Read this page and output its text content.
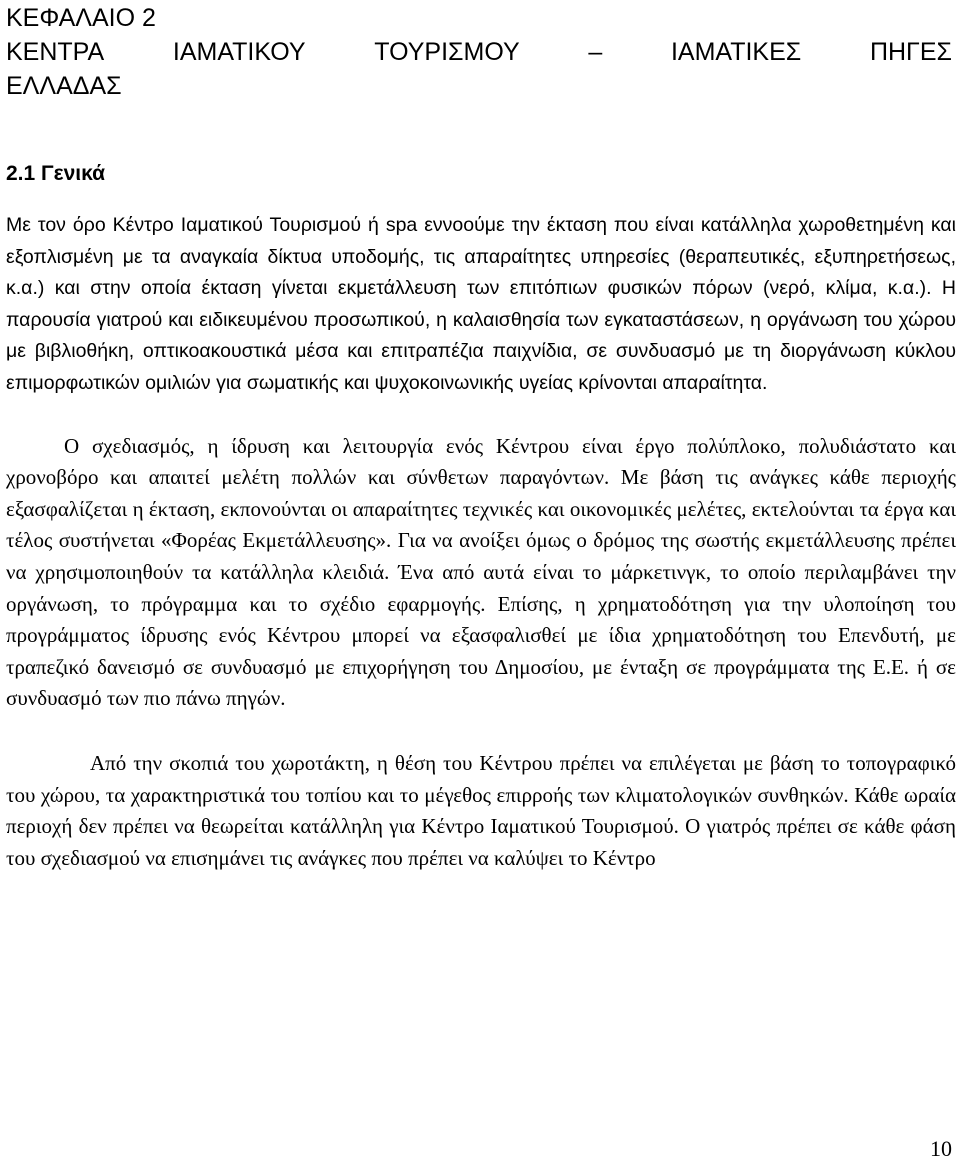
ΚΕΦΑΛΑΙΟ 2
ΚΕΝΤΡΑ	ΙΑΜΑΤΙΚΟΥ	ΤΟΥΡΙΣΜΟΥ	–	ΙΑΜΑΤΙΚΕΣ	ΠΗΓΕΣ
ΕΛΛΑΔΑΣ
2.1 Γενικά

Με τον όρο Κέντρο Ιαματικού Τουρισμού ή spa εννοούμε την έκταση που είναι κατάλληλα χωροθετημένη και εξοπλισμένη με τα αναγκαία δίκτυα υποδομής, τις απαραίτητες υπηρεσίες (θεραπευτικές, εξυπηρετήσεως, κ.α.) και στην οποία έκταση γίνεται εκμετάλλευση των επιτόπιων φυσικών πόρων (νερό, κλίμα, κ.α.). Η παρουσία γιατρού και ειδικευμένου προσωπικού, η καλαισθησία των εγκαταστάσεων, η οργάνωση του χώρου με βιβλιοθήκη, οπτικοακουστικά μέσα και επιτραπέζια παιχνίδια, σε συνδυασμό με τη διοργάνωση κύκλου επιμορφωτικών ομιλιών για σωματικής και ψυχοκοινωνικής υγείας κρίνονται απαραίτητα.

Ο σχεδιασμός, η ίδρυση και λειτουργία ενός Κέντρου είναι έργο πολύπλοκο, πολυδιάστατο και χρονοβόρο και απαιτεί μελέτη πολλών και σύνθετων παραγόντων. Με βάση τις ανάγκες κάθε περιοχής εξασφαλίζεται η έκταση, εκπονούνται οι απαραίτητες τεχνικές και οικονομικές μελέτες, εκτελούνται τα έργα και τέλος συστήνεται «Φορέας Εκμετάλλευσης». Για να ανοίξει όμως ο δρόμος της σωστής εκμετάλλευσης πρέπει να χρησιμοποιηθούν τα κατάλληλα κλειδιά. Ένα από αυτά είναι το μάρκετινγκ, το οποίο περιλαμβάνει την οργάνωση, το πρόγραμμα και το σχέδιο εφαρμογής. Επίσης, η χρηματοδότηση για την υλοποίηση του προγράμματος ίδρυσης ενός Κέντρου μπορεί να εξασφαλισθεί με ίδια χρηματοδότηση του Επενδυτή, με τραπεζικό δανεισμό σε συνδυασμό με επιχορήγηση του Δημοσίου, με ένταξη σε προγράμματα της Ε.Ε. ή σε συνδυασμό των πιο πάνω πηγών.

Από την σκοπιά του χωροτάκτη, η θέση του Κέντρου πρέπει να επιλέγεται με βάση το τοπογραφικό του χώρου, τα χαρακτηριστικά του τοπίου και το μέγεθος επιρροής των κλιματολογικών συνθηκών. Κάθε ωραία περιοχή δεν πρέπει να θεωρείται κατάλληλη για Κέντρο Ιαματικού Τουρισμού. Ο γιατρός πρέπει σε κάθε φάση του σχεδιασμού να επισημάνει τις ανάγκες που πρέπει να καλύψει το Κέντρο

10
